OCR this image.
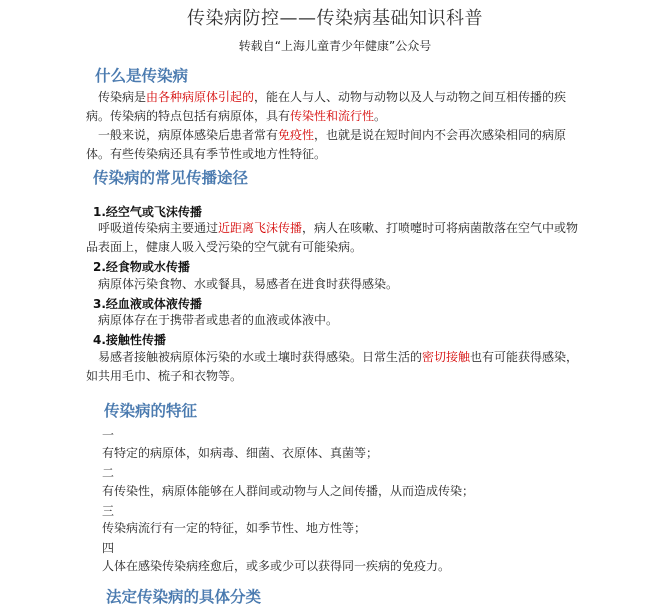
传染病防控——传染病基础知识科普
转载自“上海儿童青少年健康”公众号
什么是传染病
传染病是由各种病原体引起的，能在人与人、动物与动物以及人与动物之间互相传播的疾病。传染病的特点包括有病原体，具有传染性和流行性。
一般来说，病原体感染后患者常有免疫性，也就是说在短时间内不会再次感染相同的病原体。有些传染病还具有季节性或地方性特征。
传染病的常见传播途径
1.经空气或飞沫传播
呼吸道传染病主要通过近距离飞沫传播，病人在咳嗽、打喷嚏时可将病菌散落在空气中或物品表面上，健康人吸入受污染的空气就有可能染病。
2.经食物或水传播
病原体污染食物、水或餐具，易感者在进食时获得感染。
3.经血液或体液传播
病原体存在于携带者或患者的血液或体液中。
4.接触性传播
易感者接触被病原体污染的水或土壤时获得感染。日常生活的密切接触也有可能获得感染，如共用毛巾、梳子和衣物等。
传染病的特征
一
有特定的病原体，如病毒、细菌、衣原体、真菌等；
二
有传染性，病原体能够在人群间或动物与人之间传播，从而造成传染；
三
传染病流行有一定的特征，如季节性、地方性等；
四
人体在感染传染病痊愈后，或多或少可以获得同一疾病的免疫力。
法定传染病的具体分类
